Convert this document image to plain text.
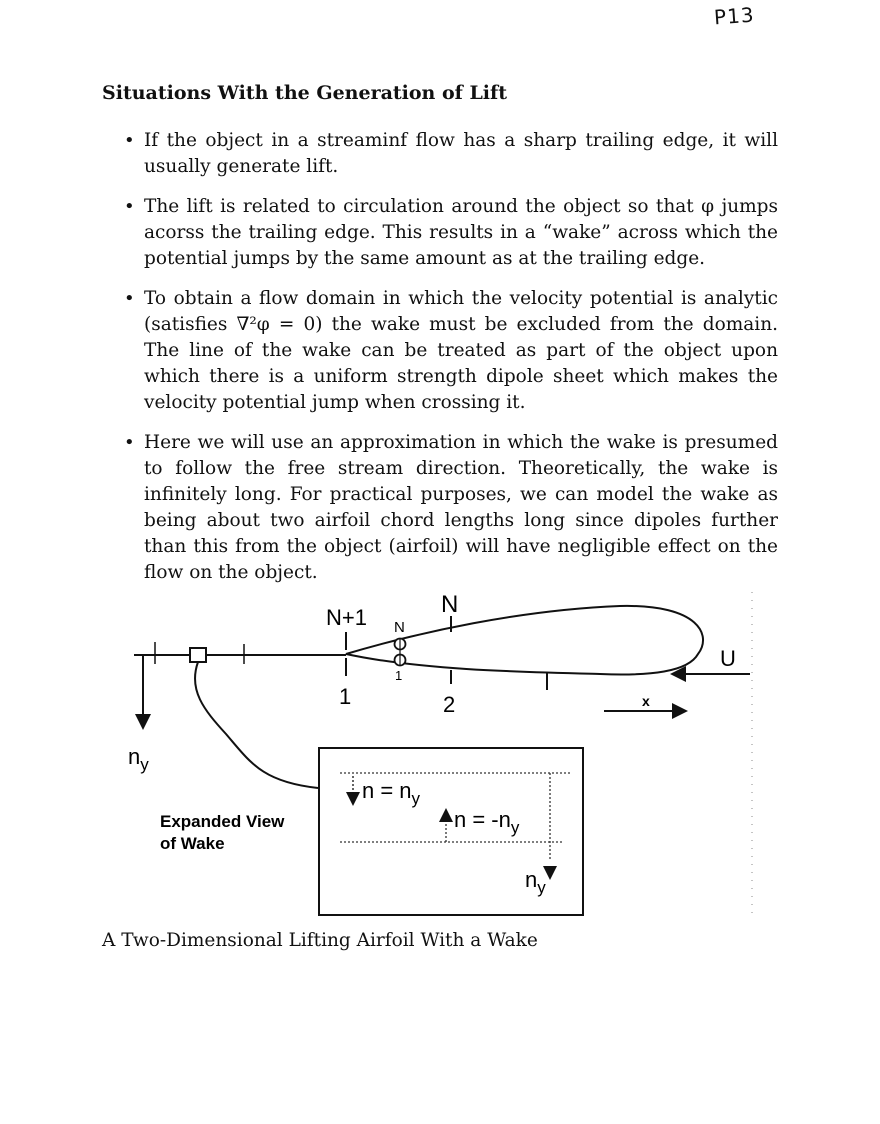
P13
Situations With the Generation of Lift
• If the object in a streaminf flow has a sharp trailing edge, it will usually generate lift.
• The lift is related to circulation around the object so that φ jumps acorss the trailing edge. This results in a “wake” across which the potential jumps by the same amount as at the trailing edge.
• To obtain a flow domain in which the velocity potential is analytic (satisfies ∇²φ = 0) the wake must be excluded from the domain. The line of the wake can be treated as part of the object upon which there is a uniform strength dipole sheet which makes the velocity potential jump when crossing it.
• Here we will use an approximation in which the wake is presumed to follow the free stream direction. Theoretically, the wake is infinitely long. For practical purposes, we can model the wake as being about two airfoil chord lengths long since dipoles further than this from the object (airfoil) will have negligible effect on the flow on the object.
N+1	N
N
1
1	2
U
x
$n_y$
Expanded View
of Wake
$n = n_y$
$n = -n_y$
$n_y$

A Two-Dimensional Lifting Airfoil With a Wake
